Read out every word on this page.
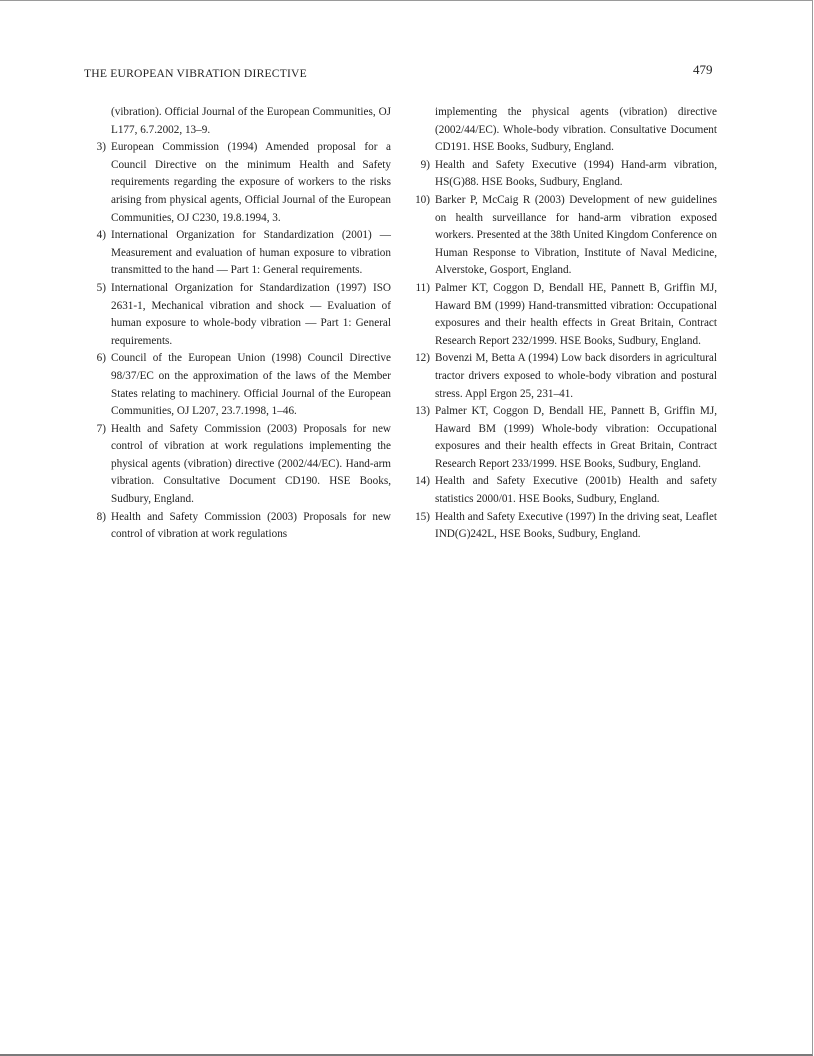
THE EUROPEAN VIBRATION DIRECTIVE	479
(vibration). Official Journal of the European Communities, OJ L177, 6.7.2002, 13–9.
3) European Commission (1994) Amended proposal for a Council Directive on the minimum Health and Safety requirements regarding the exposure of workers to the risks arising from physical agents, Official Journal of the European Communities, OJ C230, 19.8.1994, 3.
4) International Organization for Standardization (2001) — Measurement and evaluation of human exposure to vibration transmitted to the hand — Part 1: General requirements.
5) International Organization for Standardization (1997) ISO 2631-1, Mechanical vibration and shock — Evaluation of human exposure to whole-body vibration — Part 1: General requirements.
6) Council of the European Union (1998) Council Directive 98/37/EC on the approximation of the laws of the Member States relating to machinery. Official Journal of the European Communities, OJ L207, 23.7.1998, 1–46.
7) Health and Safety Commission (2003) Proposals for new control of vibration at work regulations implementing the physical agents (vibration) directive (2002/44/EC). Hand-arm vibration. Consultative Document CD190. HSE Books, Sudbury, England.
8) Health and Safety Commission (2003) Proposals for new control of vibration at work regulations
implementing the physical agents (vibration) directive (2002/44/EC). Whole-body vibration. Consultative Document CD191. HSE Books, Sudbury, England.
9) Health and Safety Executive (1994) Hand-arm vibration, HS(G)88. HSE Books, Sudbury, England.
10) Barker P, McCaig R (2003) Development of new guidelines on health surveillance for hand-arm vibration exposed workers. Presented at the 38th United Kingdom Conference on Human Response to Vibration, Institute of Naval Medicine, Alverstoke, Gosport, England.
11) Palmer KT, Coggon D, Bendall HE, Pannett B, Griffin MJ, Haward BM (1999) Hand-transmitted vibration: Occupational exposures and their health effects in Great Britain, Contract Research Report 232/1999. HSE Books, Sudbury, England.
12) Bovenzi M, Betta A (1994) Low back disorders in agricultural tractor drivers exposed to whole-body vibration and postural stress. Appl Ergon 25, 231–41.
13) Palmer KT, Coggon D, Bendall HE, Pannett B, Griffin MJ, Haward BM (1999) Whole-body vibration: Occupational exposures and their health effects in Great Britain, Contract Research Report 233/1999. HSE Books, Sudbury, England.
14) Health and Safety Executive (2001b) Health and safety statistics 2000/01. HSE Books, Sudbury, England.
15) Health and Safety Executive (1997) In the driving seat, Leaflet IND(G)242L, HSE Books, Sudbury, England.
